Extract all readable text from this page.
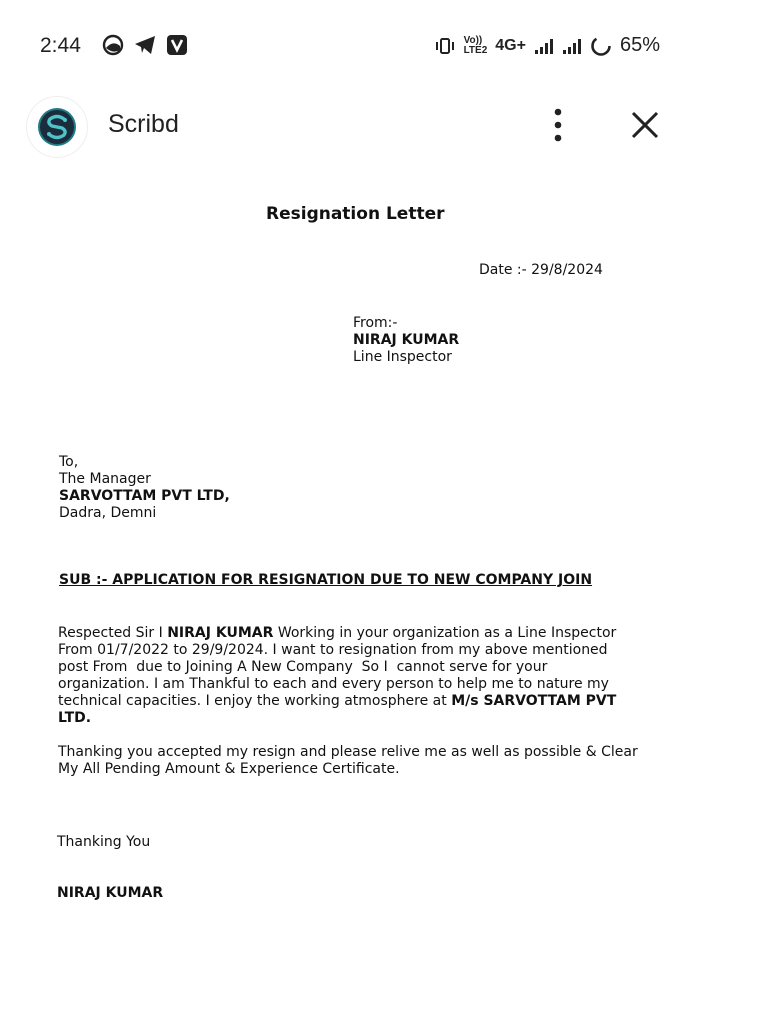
2:44	Vo))
LTE2 4G+	65%
Scribd
Resignation Letter
Date :- 29/8/2024
From:-
NIRAJ KUMAR
Line Inspector
To,
The Manager
SARVOTTAM PVT LTD,
Dadra, Demni
SUB :- APPLICATION FOR RESIGNATION DUE TO NEW COMPANY JOIN
Respected Sir I NIRAJ KUMAR Working in your organization as a Line Inspector
From 01/7/2022 to 29/9/2024. I want to resignation from my above mentioned
post From  due to Joining A New Company  So I  cannot serve for your
organization. I am Thankful to each and every person to help me to nature my
technical capacities. I enjoy the working atmosphere at M/s SARVOTTAM PVT
LTD.
Thanking you accepted my resign and please relive me as well as possible & Clear
My All Pending Amount & Experience Certificate.
Thanking You
NIRAJ KUMAR
